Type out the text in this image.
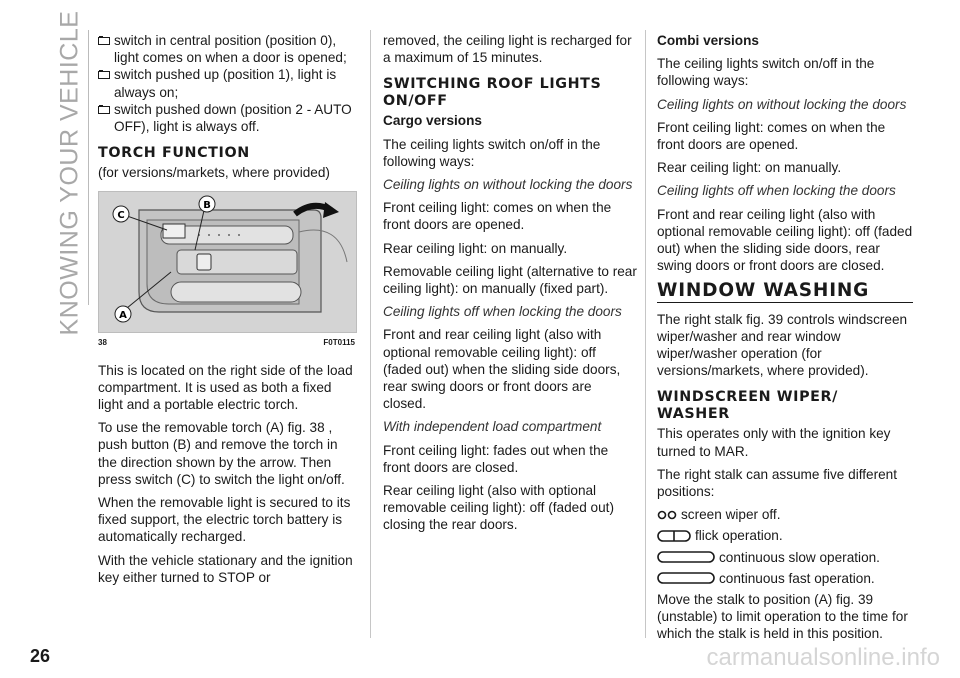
KNOWING YOUR VEHICLE switch in central position (position 0), light comes on when a door is opened;
switch pushed up (position 1), light is always on;
switch pushed down (position 2 - AUTO OFF), light is always off.
TORCH FUNCTION

(for versions/markets, where provided)

C
B
A
38	F0T0115

This is located on the right side of the load compartment. It is used as both a fixed light and a portable electric torch.

To use the removable torch (A) fig. 38 , push button (B) and remove the torch in the direction shown by the arrow. Then press switch (C) to switch the light on/off.

When the removable light is secured to its fixed support, the electric torch battery is automatically recharged.

With the vehicle stationary and the ignition key either turned to STOP or

removed, the ceiling light is recharged for a maximum of 15 minutes.

SWITCHING ROOF LIGHTS ON/OFF

Cargo versions

The ceiling lights switch on/off in the following ways:

Ceiling lights on without locking the doors

Front ceiling light: comes on when the front doors are opened.

Rear ceiling light: on manually.

Removable ceiling light (alternative to rear ceiling light): on manually (fixed part).

Ceiling lights off when locking the doors

Front and rear ceiling light (also with optional removable ceiling light): off (faded out) when the sliding side doors, rear swing doors or front doors are closed.

With independent load compartment

Front ceiling light: fades out when the front doors are closed.

Rear ceiling light (also with optional removable ceiling light): off (faded out) closing the rear doors.

Combi versions

The ceiling lights switch on/off in the following ways:

Ceiling lights on without locking the doors

Front ceiling light: comes on when the front doors are opened.

Rear ceiling light: on manually.

Ceiling lights off when locking the doors

Front and rear ceiling light (also with optional removable ceiling light): off (faded out) when the sliding side doors, rear swing doors or front doors are closed.

WINDOW WASHING

The right stalk fig. 39 controls windscreen wiper/washer and rear window wiper/washer operation (for versions/markets, where provided).

WINDSCREEN WIPER/ WASHER

This operates only with the ignition key turned to MAR.

The right stalk can assume five different positions:

screen wiper off.
flick operation.
continuous slow operation.
continuous fast operation.

Move the stalk to position (A) fig. 39 (unstable) to limit operation to the time for which the stalk is held in this position.

26	carmanualsonline.info
